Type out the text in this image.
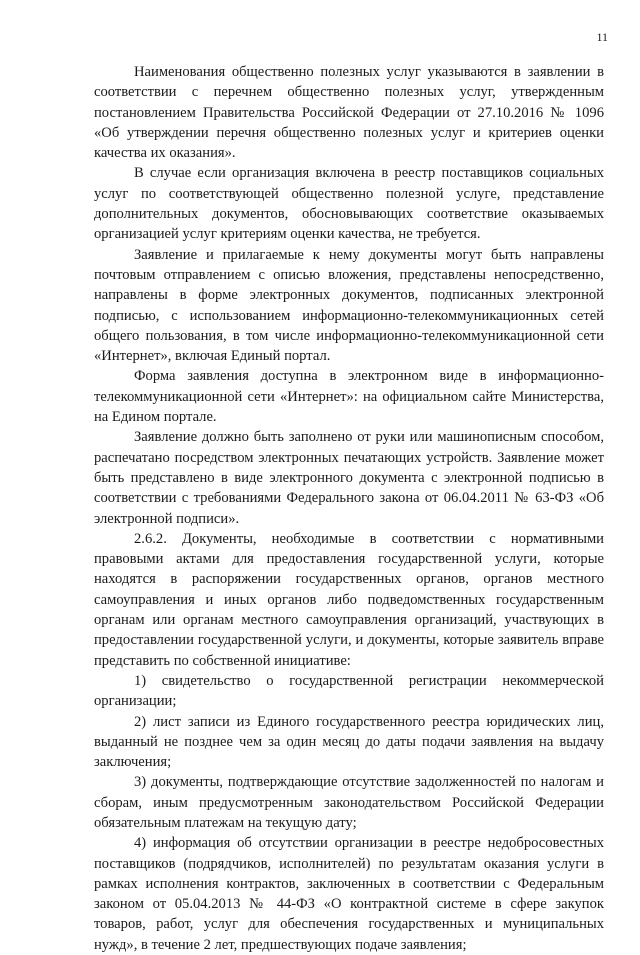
11

Наименования общественно полезных услуг указываются в заявлении в соответствии с перечнем общественно полезных услуг, утвержденным постановлением Правительства Российской Федерации от 27.10.2016 № 1096 «Об утверждении перечня общественно полезных услуг и критериев оценки качества их оказания».

В случае если организация включена в реестр поставщиков социальных услуг по соответствующей общественно полезной услуге, представление дополнительных документов, обосновывающих соответствие оказываемых организацией услуг критериям оценки качества, не требуется.

Заявление и прилагаемые к нему документы могут быть направлены почтовым отправлением с описью вложения, представлены непосредственно, направлены в форме электронных документов, подписанных электронной подписью, с использованием информационно-телекоммуникационных сетей общего пользования, в том числе информационно-телекоммуникационной сети «Интернет», включая Единый портал.

Форма заявления доступна в электронном виде в информационно-телекоммуникационной сети «Интернет»: на официальном сайте Министерства, на Едином портале.

Заявление должно быть заполнено от руки или машинописным способом, распечатано посредством электронных печатающих устройств. Заявление может быть представлено в виде электронного документа с электронной подписью в соответствии с требованиями Федерального закона от 06.04.2011 № 63-ФЗ «Об электронной подписи».

2.6.2. Документы, необходимые в соответствии с нормативными правовыми актами для предоставления государственной услуги, которые находятся в распоряжении государственных органов, органов местного самоуправления и иных органов либо подведомственных государственным органам или органам местного самоуправления организаций, участвующих в предоставлении государственной услуги, и документы, которые заявитель вправе представить по собственной инициативе:

1) свидетельство о государственной регистрации некоммерческой организации;

2) лист записи из Единого государственного реестра юридических лиц, выданный не позднее чем за один месяц до даты подачи заявления на выдачу заключения;

3) документы, подтверждающие отсутствие задолженностей по налогам и сборам, иным предусмотренным законодательством Российской Федерации обязательным платежам на текущую дату;

4) информация об отсутствии организации в реестре недобросовестных поставщиков (подрядчиков, исполнителей) по результатам оказания услуги в рамках исполнения контрактов, заключенных в соответствии с Федеральным законом от 05.04.2013 № 44-ФЗ «О контрактной системе в сфере закупок товаров, работ, услуг для обеспечения государственных и муниципальных нужд», в течение 2 лет, предшествующих подаче заявления;
